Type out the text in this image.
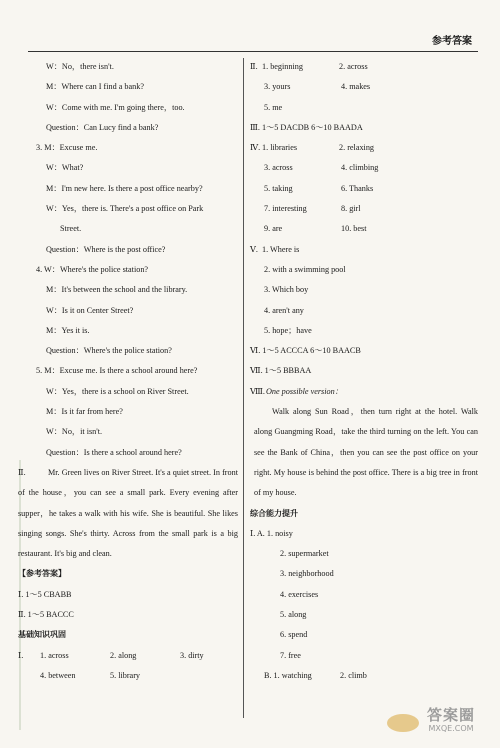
参考答案
W：No，there isn't.
M：Where can I find a bank?
W：Come with me. I'm going there，too.
Question：Can Lucy find a bank?
3. M：Excuse me.
W：What?
M：I'm new here. Is there a post office nearby?
W：Yes，there is. There's a post office on Park
Street.
Question：Where is the post office?
4. W：Where's the police station?
M：It's between the school and the library.
W：Is it on Center Street?
M：Yes it is.
Question：Where's the police station?
5. M：Excuse me. Is there a school around here?
W：Yes，there is a school on River Street.
M：Is it far from here?
W：No，it isn't.
Question：Is there a school around here?
Ⅱ.	Mr. Green lives on River Street. It's a quiet street. In front of the house，you can see a small park. Every evening after supper，he takes a walk with his wife. She is beautiful. She likes singing songs. She's thirty. Across from the small park is a big restaurant. It's big and clean.
【参考答案】
Ⅰ. 1～5 CBABB
Ⅱ. 1～5 BACCC
基础知识巩固
Ⅰ. 1. across	2. along	3. dirty
4. between	5. library
Ⅱ. 1. beginning	2. across
3. yours	4. makes
5. me
Ⅲ. 1～5 DACDB 6～10 BAADA
Ⅳ. 1. libraries	2. relaxing
3. across	4. climbing
5. taking	6. Thanks
7. interesting	8. girl
9. are	10. best
Ⅴ. 1. Where is
2. with a swimming pool
3. Which boy
4. aren't any
5. hope；have
Ⅵ. 1～5 ACCCA 6～10 BAACB
Ⅶ. 1～5 BBBAA
Ⅷ.One possible version：
Walk along Sun Road，then turn right at the hotel. Walk along Guangming Road，take the third turning on the left. You can see the Bank of China，then you can see the post office on your right. My house is behind the post office. There is a big tree in front of my house.
综合能力提升
Ⅰ. A. 1. noisy
2. supermarket
3. neighborhood
4. exercises
5. along
6. spend
7. free
B. 1. watching	2. climb
答案圈
MXQE.COM
